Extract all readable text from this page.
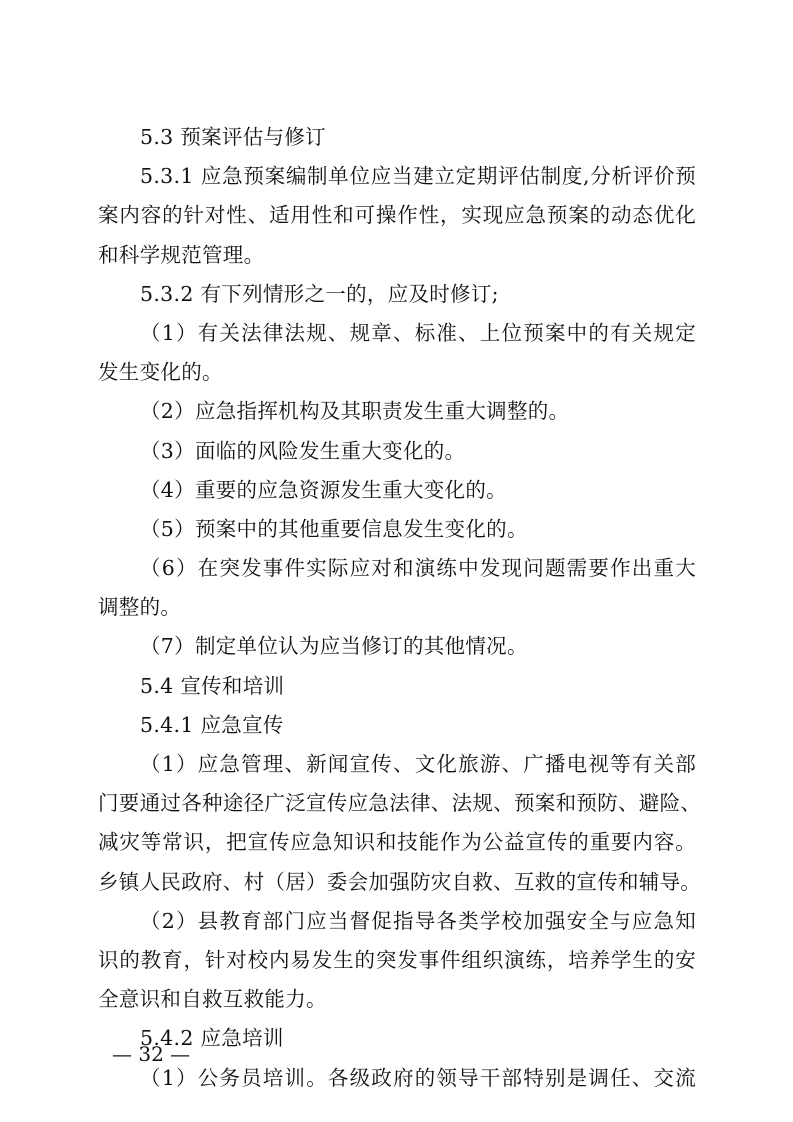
5.3 预案评估与修订
5.3.1 应急预案编制单位应当建立定期评估制度,分析评价预
案内容的针对性、适用性和可操作性，实现应急预案的动态优化
和科学规范管理。
5.3.2 有下列情形之一的，应及时修订;
（1）有关法律法规、规章、标准、上位预案中的有关规定
发生变化的。
（2）应急指挥机构及其职责发生重大调整的。
（3）面临的风险发生重大变化的。
（4）重要的应急资源发生重大变化的。
（5）预案中的其他重要信息发生变化的。
（6）在突发事件实际应对和演练中发现问题需要作出重大
调整的。
（7）制定单位认为应当修订的其他情况。
5.4 宣传和培训
5.4.1 应急宣传
（1）应急管理、新闻宣传、文化旅游、广播电视等有关部
门要通过各种途径广泛宣传应急法律、法规、预案和预防、避险、
减灾等常识，把宣传应急知识和技能作为公益宣传的重要内容。
乡镇人民政府、村（居）委会加强防灾自救、互救的宣传和辅导。
（2）县教育部门应当督促指导各类学校加强安全与应急知
识的教育，针对校内易发生的突发事件组织演练，培养学生的安
全意识和自救互救能力。
5.4.2 应急培训
（1）公务员培训。各级政府的领导干部特别是调任、交流
— 32 —
